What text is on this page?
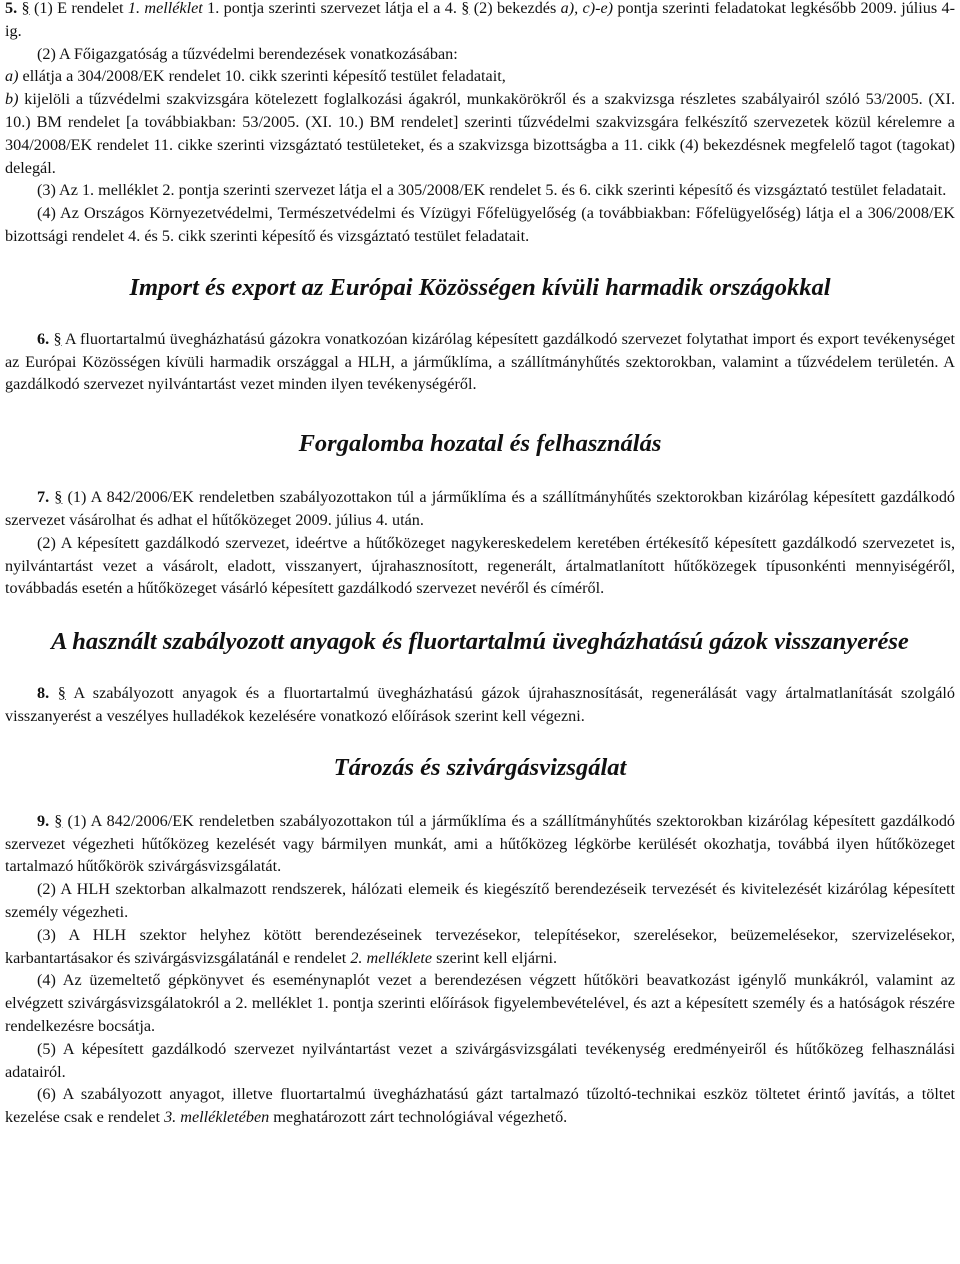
5. § (1) E rendelet 1. melléklet 1. pontja szerinti szervezet látja el a 4. § (2) bekezdés a), c)-e) pontja szerinti feladatokat legkésőbb 2009. július 4-ig.

(2) A Főigazgatóság a tűzvédelmi berendezések vonatkozásában:

a) ellátja a 304/2008/EK rendelet 10. cikk szerinti képesítő testület feladatait,

b) kijelöli a tűzvédelmi szakvizsgára kötelezett foglalkozási ágakról, munkakörökről és a szakvizsga részletes szabályairól szóló 53/2005. (XI. 10.) BM rendelet [a továbbiakban: 53/2005. (XI. 10.) BM rendelet] szerinti tűzvédelmi szakvizsgára felkészítő szervezetek közül kérelemre a 304/2008/EK rendelet 11. cikke szerinti vizsgáztató testületeket, és a szakvizsga bizottságba a 11. cikk (4) bekezdésnek megfelelő tagot (tagokat) delegál.

(3) Az 1. melléklet 2. pontja szerinti szervezet látja el a 305/2008/EK rendelet 5. és 6. cikk szerinti képesítő és vizsgáztató testület feladatait.

(4) Az Országos Környezetvédelmi, Természetvédelmi és Vízügyi Főfelügyelőség (a továbbiakban: Főfelügyelőség) látja el a 306/2008/EK bizottsági rendelet 4. és 5. cikk szerinti képesítő és vizsgáztató testület feladatait.

Import és export az Európai Közösségen kívüli harmadik országokkal

6. § A fluortartalmú üvegházhatású gázokra vonatkozóan kizárólag képesített gazdálkodó szervezet folytathat import és export tevékenységet az Európai Közösségen kívüli harmadik országgal a HLH, a járműklíma, a szállítmányhűtés szektorokban, valamint a tűzvédelem területén. A gazdálkodó szervezet nyilvántartást vezet minden ilyen tevékenységéről.

Forgalomba hozatal és felhasználás

7. § (1) A 842/2006/EK rendeletben szabályozottakon túl a járműklíma és a szállítmányhűtés szektorokban kizárólag képesített gazdálkodó szervezet vásárolhat és adhat el hűtőközeget 2009. július 4. után.

(2) A képesített gazdálkodó szervezet, ideértve a hűtőközeget nagykereskedelem keretében értékesítő képesített gazdálkodó szervezetet is, nyilvántartást vezet a vásárolt, eladott, visszanyert, újrahasznosított, regenerált, ártalmatlanított hűtőközegek típusonkénti mennyiségéről, továbbadás esetén a hűtőközeget vásárló képesített gazdálkodó szervezet nevéről és címéről.

A használt szabályozott anyagok és fluortartalmú üvegházhatású gázok visszanyerése

8. § A szabályozott anyagok és a fluortartalmú üvegházhatású gázok újrahasznosítását, regenerálását vagy ártalmatlanítását szolgáló visszanyerést a veszélyes hulladékok kezelésére vonatkozó előírások szerint kell végezni.

Tározás és szivárgásvizsgálat

9. § (1) A 842/2006/EK rendeletben szabályozottakon túl a járműklíma és a szállítmányhűtés szektorokban kizárólag képesített gazdálkodó szervezet végezheti hűtőközeg kezelését vagy bármilyen munkát, ami a hűtőközeg légkörbe kerülését okozhatja, továbbá ilyen hűtőközeget tartalmazó hűtőkörök szivárgásvizsgálatát.

(2) A HLH szektorban alkalmazott rendszerek, hálózati elemeik és kiegészítő berendezéseik tervezését és kivitelezését kizárólag képesített személy végezheti.

(3) A HLH szektor helyhez kötött berendezéseinek tervezésekor, telepítésekor, szerelésekor, beüzemelésekor, szervizelésekor, karbantartásakor és szivárgásvizsgálatánál e rendelet 2. melléklete szerint kell eljárni.

(4) Az üzemeltető gépkönyvet és eseménynaplót vezet a berendezésen végzett hűtőköri beavatkozást igénylő munkákról, valamint az elvégzett szivárgásvizsgálatokról a 2. melléklet 1. pontja szerinti előírások figyelembevételével, és azt a képesített személy és a hatóságok részére rendelkezésre bocsátja.

(5) A képesített gazdálkodó szervezet nyilvántartást vezet a szivárgásvizsgálati tevékenység eredményeiről és hűtőközeg felhasználási adatairól.

(6) A szabályozott anyagot, illetve fluortartalmú üvegházhatású gázt tartalmazó tűzoltó-technikai eszköz töltetet érintő javítás, a töltet kezelése csak e rendelet 3. mellékletében meghatározott zárt technológiával végezhető.
